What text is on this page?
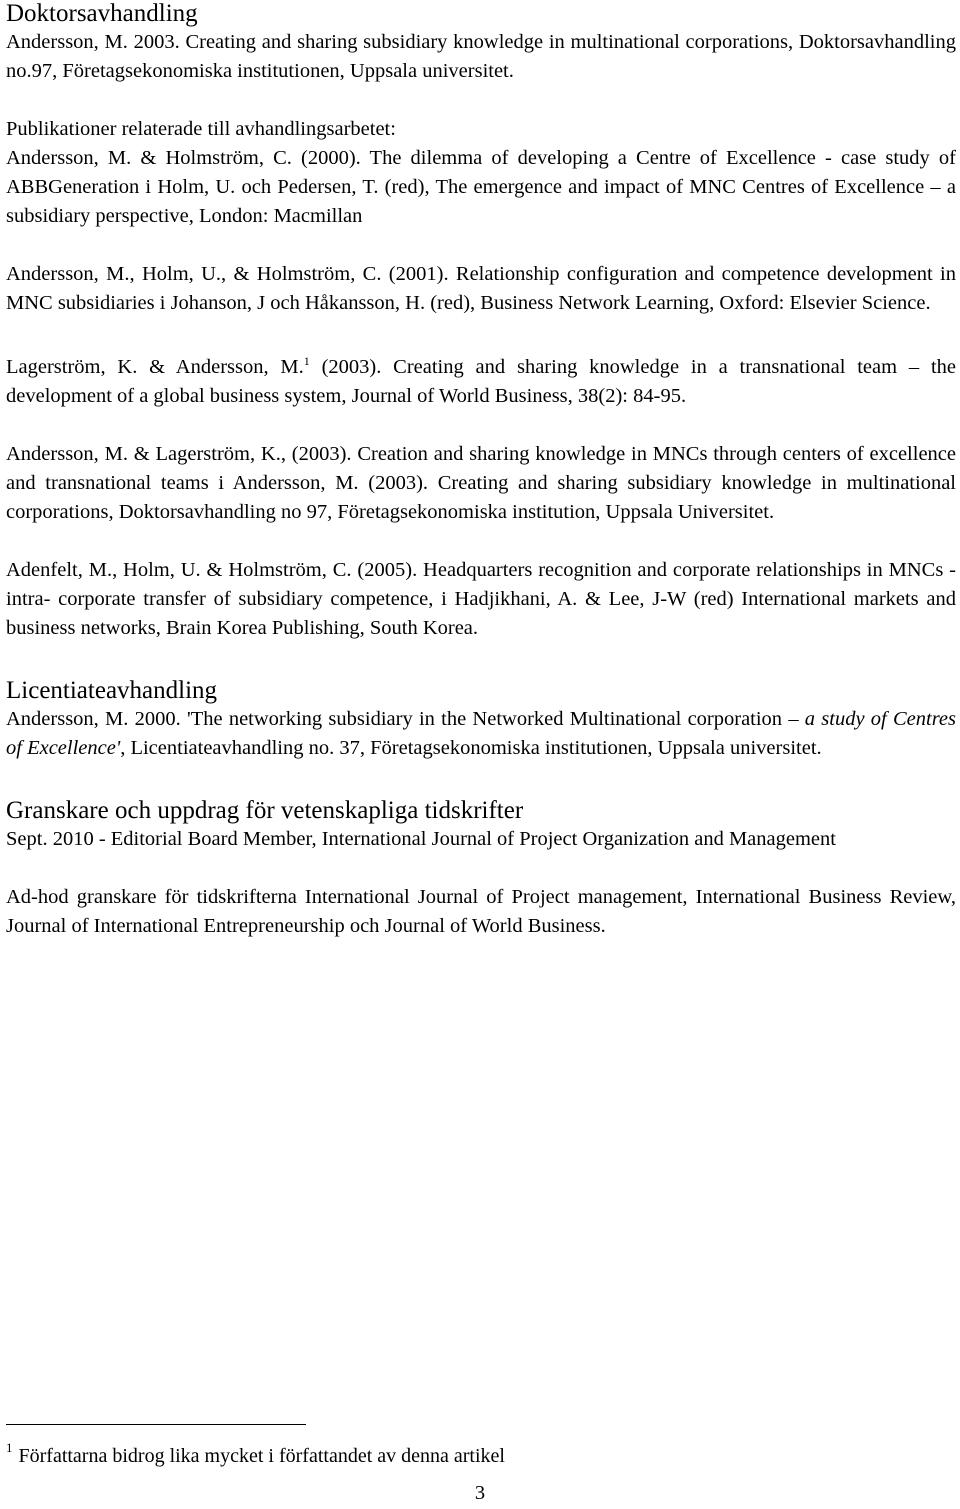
Doktorsavhandling

Andersson, M. 2003. Creating and sharing subsidiary knowledge in multinational corporations, Doktorsavhandling no.97, Företagsekonomiska institutionen, Uppsala universitet.

Publikationer relaterade till avhandlingsarbetet:

Andersson, M. & Holmström, C. (2000). The dilemma of developing a Centre of Excellence - case study of ABBGeneration i Holm, U. och Pedersen, T. (red), The emergence and impact of MNC Centres of Excellence – a subsidiary perspective, London: Macmillan

Andersson, M., Holm, U., & Holmström, C. (2001). Relationship configuration and competence development in MNC subsidiaries i Johanson, J och Håkansson, H. (red), Business Network Learning, Oxford: Elsevier Science.

Lagerström, K. & Andersson, M.$^1$ (2003). Creating and sharing knowledge in a transnational team – the development of a global business system, Journal of World Business, 38(2): 84-95.

Andersson, M. & Lagerström, K., (2003). Creation and sharing knowledge in MNCs through centers of excellence and transnational teams i Andersson, M. (2003). Creating and sharing subsidiary knowledge in multinational corporations, Doktorsavhandling no 97, Företagsekonomiska institution, Uppsala Universitet.

Adenfelt, M., Holm, U. & Holmström, C. (2005). Headquarters recognition and corporate relationships in MNCs - intra- corporate transfer of subsidiary competence, i Hadjikhani, A. & Lee, J-W (red) International markets and business networks, Brain Korea Publishing, South Korea.

Licentiateavhandling

Andersson, M. 2000. 'The networking subsidiary in the Networked Multinational corporation – a study of Centres of Excellence', Licentiateavhandling no. 37, Företagsekonomiska institutionen, Uppsala universitet.

Granskare och uppdrag för vetenskapliga tidskrifter

Sept. 2010 - Editorial Board Member, International Journal of Project Organization and Management

Ad-hod granskare för tidskrifterna International Journal of Project management, International Business Review, Journal of International Entrepreneurship och Journal of World Business.

$^1$ Författarna bidrog lika mycket i författandet av denna artikel
3
